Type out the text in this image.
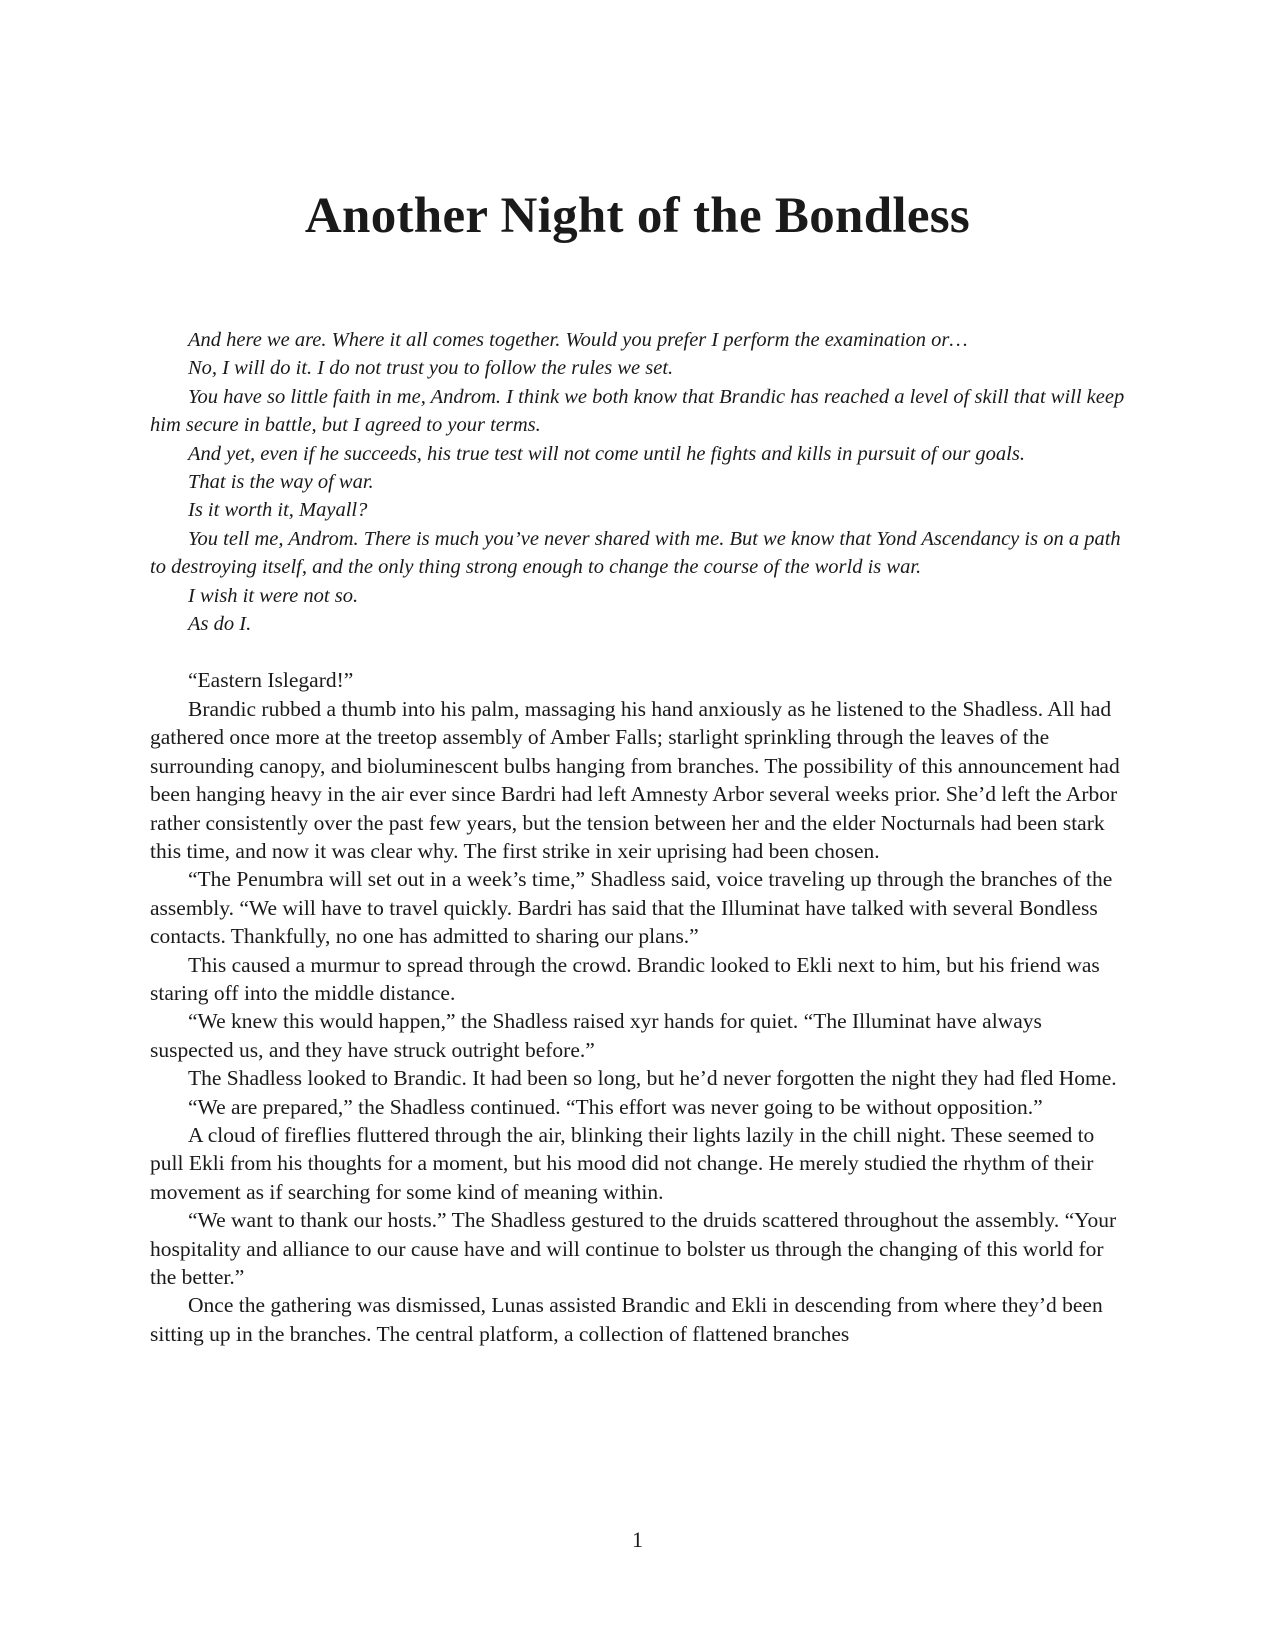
Another Night of the Bondless

And here we are. Where it all comes together. Would you prefer I perform the examination or…

No, I will do it. I do not trust you to follow the rules we set.

You have so little faith in me, Androm. I think we both know that Brandic has reached a level of skill that will keep him secure in battle, but I agreed to your terms.

And yet, even if he succeeds, his true test will not come until he fights and kills in pursuit of our goals.

That is the way of war.

Is it worth it, Mayall?

You tell me, Androm. There is much you’ve never shared with me. But we know that Yond Ascendancy is on a path to destroying itself, and the only thing strong enough to change the course of the world is war.

I wish it were not so.

As do I.

“Eastern Islegard!”

Brandic rubbed a thumb into his palm, massaging his hand anxiously as he listened to the Shadless. All had gathered once more at the treetop assembly of Amber Falls; starlight sprinkling through the leaves of the surrounding canopy, and bioluminescent bulbs hanging from branches. The possibility of this announcement had been hanging heavy in the air ever since Bardri had left Amnesty Arbor several weeks prior. She’d left the Arbor rather consistently over the past few years, but the tension between her and the elder Nocturnals had been stark this time, and now it was clear why. The first strike in xeir uprising had been chosen.

“The Penumbra will set out in a week’s time,” Shadless said, voice traveling up through the branches of the assembly. “We will have to travel quickly. Bardri has said that the Illuminat have talked with several Bondless contacts. Thankfully, no one has admitted to sharing our plans.”

This caused a murmur to spread through the crowd. Brandic looked to Ekli next to him, but his friend was staring off into the middle distance.

“We knew this would happen,” the Shadless raised xyr hands for quiet. “The Illuminat have always suspected us, and they have struck outright before.”

The Shadless looked to Brandic. It had been so long, but he’d never forgotten the night they had fled Home.

“We are prepared,” the Shadless continued. “This effort was never going to be without opposition.”

A cloud of fireflies fluttered through the air, blinking their lights lazily in the chill night. These seemed to pull Ekli from his thoughts for a moment, but his mood did not change. He merely studied the rhythm of their movement as if searching for some kind of meaning within.

“We want to thank our hosts.” The Shadless gestured to the druids scattered throughout the assembly. “Your hospitality and alliance to our cause have and will continue to bolster us through the changing of this world for the better.”

Once the gathering was dismissed, Lunas assisted Brandic and Ekli in descending from where they’d been sitting up in the branches. The central platform, a collection of flattened branches

1
